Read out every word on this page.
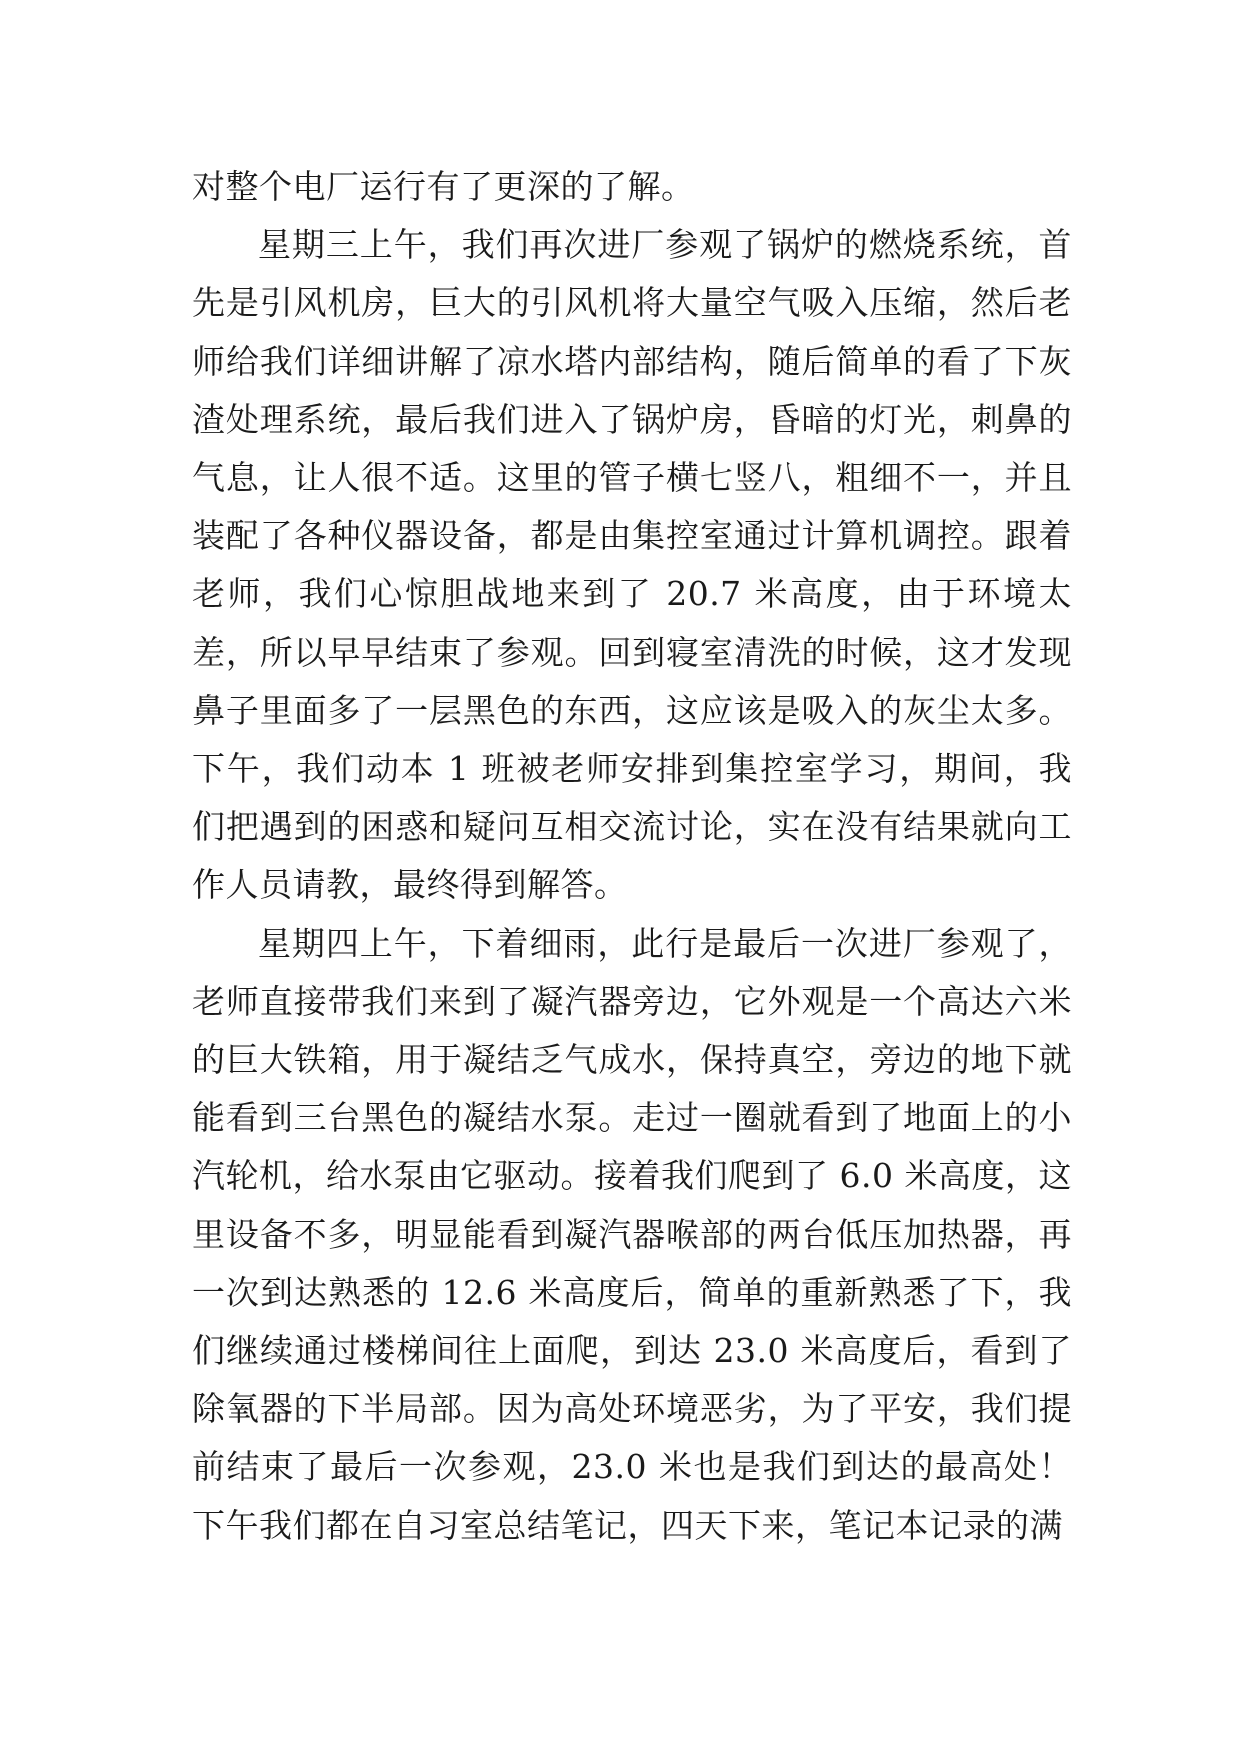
对整个电厂运行有了更深的了解。

星期三上午，我们再次进厂参观了锅炉的燃烧系统，首先是引风机房，巨大的引风机将大量空气吸入压缩，然后老师给我们详细讲解了凉水塔内部结构，随后简单的看了下灰渣处理系统，最后我们进入了锅炉房，昏暗的灯光，刺鼻的气息，让人很不适。这里的管子横七竖八，粗细不一，并且装配了各种仪器设备，都是由集控室通过计算机调控。跟着老师，我们心惊胆战地来到了 20.7 米高度，由于环境太差，所以早早结束了参观。回到寝室清洗的时候，这才发现鼻子里面多了一层黑色的东西，这应该是吸入的灰尘太多。下午，我们动本 1 班被老师安排到集控室学习，期间，我们把遇到的困惑和疑问互相交流讨论，实在没有结果就向工作人员请教，最终得到解答。

星期四上午，下着细雨，此行是最后一次进厂参观了，老师直接带我们来到了凝汽器旁边，它外观是一个高达六米的巨大铁箱，用于凝结乏气成水，保持真空，旁边的地下就能看到三台黑色的凝结水泵。走过一圈就看到了地面上的小汽轮机，给水泵由它驱动。接着我们爬到了 6.0 米高度，这里设备不多，明显能看到凝汽器喉部的两台低压加热器，再一次到达熟悉的 12.6 米高度后，简单的重新熟悉了下，我们继续通过楼梯间往上面爬，到达 23.0 米高度后，看到了除氧器的下半局部。因为高处环境恶劣，为了平安，我们提前结束了最后一次参观，23.0 米也是我们到达的最高处！下午我们都在自习室总结笔记，四天下来，笔记本记录的满
